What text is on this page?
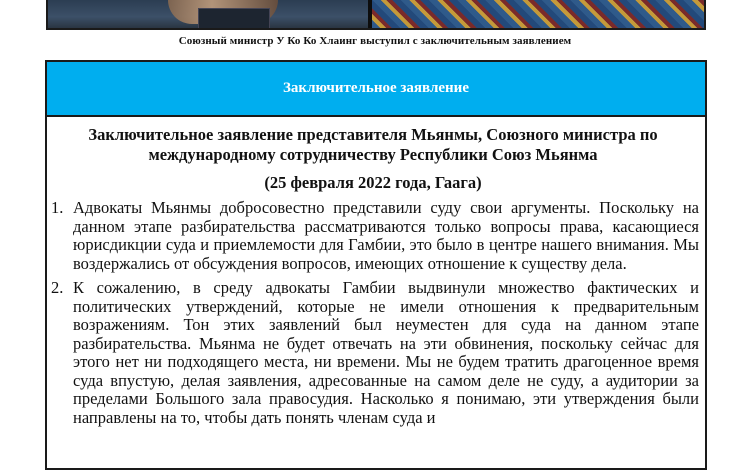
Союзный министр У Ко Ко Хлаинг выступил с заключительным заявлением
Заключительное заявление
Заключительное заявление представителя Мьянмы, Союзного министра по международному сотрудничеству Республики Союз Мьянма
(25 февраля 2022 года, Гаага)
1. Адвокаты Мьянмы добросовестно представили суду свои аргументы. Поскольку на данном этапе разбирательства рассматриваются только вопросы права, касающиеся юрисдикции суда и приемлемости для Гамбии, это было в центре нашего внимания. Мы воздержались от обсуждения вопросов, имеющих отношение к существу дела.
2. К сожалению, в среду адвокаты Гамбии выдвинули множество фактических и политических утверждений, которые не имели отношения к предварительным возражениям. Тон этих заявлений был неуместен для суда на данном этапе разбирательства. Мьянма не будет отвечать на эти обвинения, поскольку сейчас для этого нет ни подходящего места, ни времени. Мы не будем тратить драгоценное время суда впустую, делая заявления, адресованные на самом деле не суду, а аудитории за пределами Большого зала правосудия. Насколько я понимаю, эти утверждения были направлены на то, чтобы дать понять членам суда и
